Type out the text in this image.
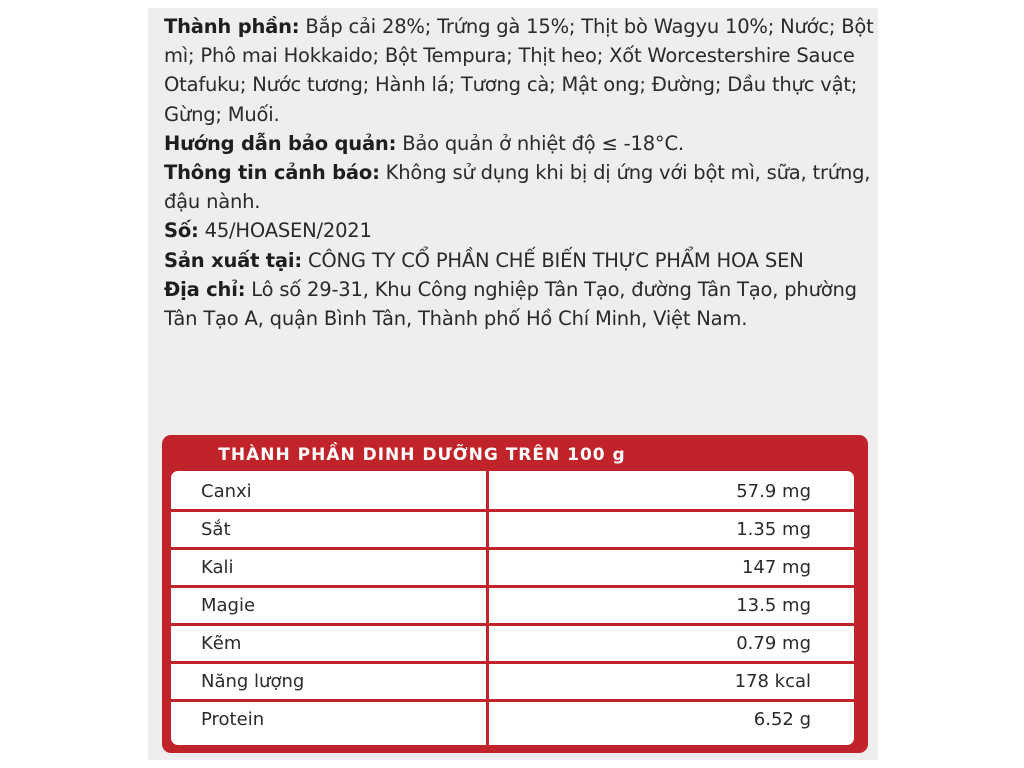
Thành phần: Bắp cải 28%; Trứng gà 15%; Thịt bò Wagyu 10%; Nước; Bột mì; Phô mai Hokkaido; Bột Tempura; Thịt heo; Xốt Worcestershire Sauce Otafuku; Nước tương; Hành lá; Tương cà; Mật ong; Đường; Dầu thực vật; Gừng; Muối.

Hướng dẫn bảo quản: Bảo quản ở nhiệt độ ≤ -18°C.

Thông tin cảnh báo: Không sử dụng khi bị dị ứng với bột mì, sữa, trứng, đậu nành.

Số: 45/HOASEN/2021

Sản xuất tại: CÔNG TY CỔ PHẦN CHẾ BIẾN THỰC PHẨM HOA SEN

Địa chỉ: Lô số 29-31, Khu Công nghiệp Tân Tạo, đường Tân Tạo, phường Tân Tạo A, quận Bình Tân, Thành phố Hồ Chí Minh, Việt Nam.

THÀNH PHẦN DINH DƯỠNG TRÊN 100 g
Canxi	57.9 mg
Sắt	1.35 mg
Kali	147 mg
Magie	13.5 mg
Kẽm	0.79 mg
Năng lượng	178 kcal
Protein	6.52 g
